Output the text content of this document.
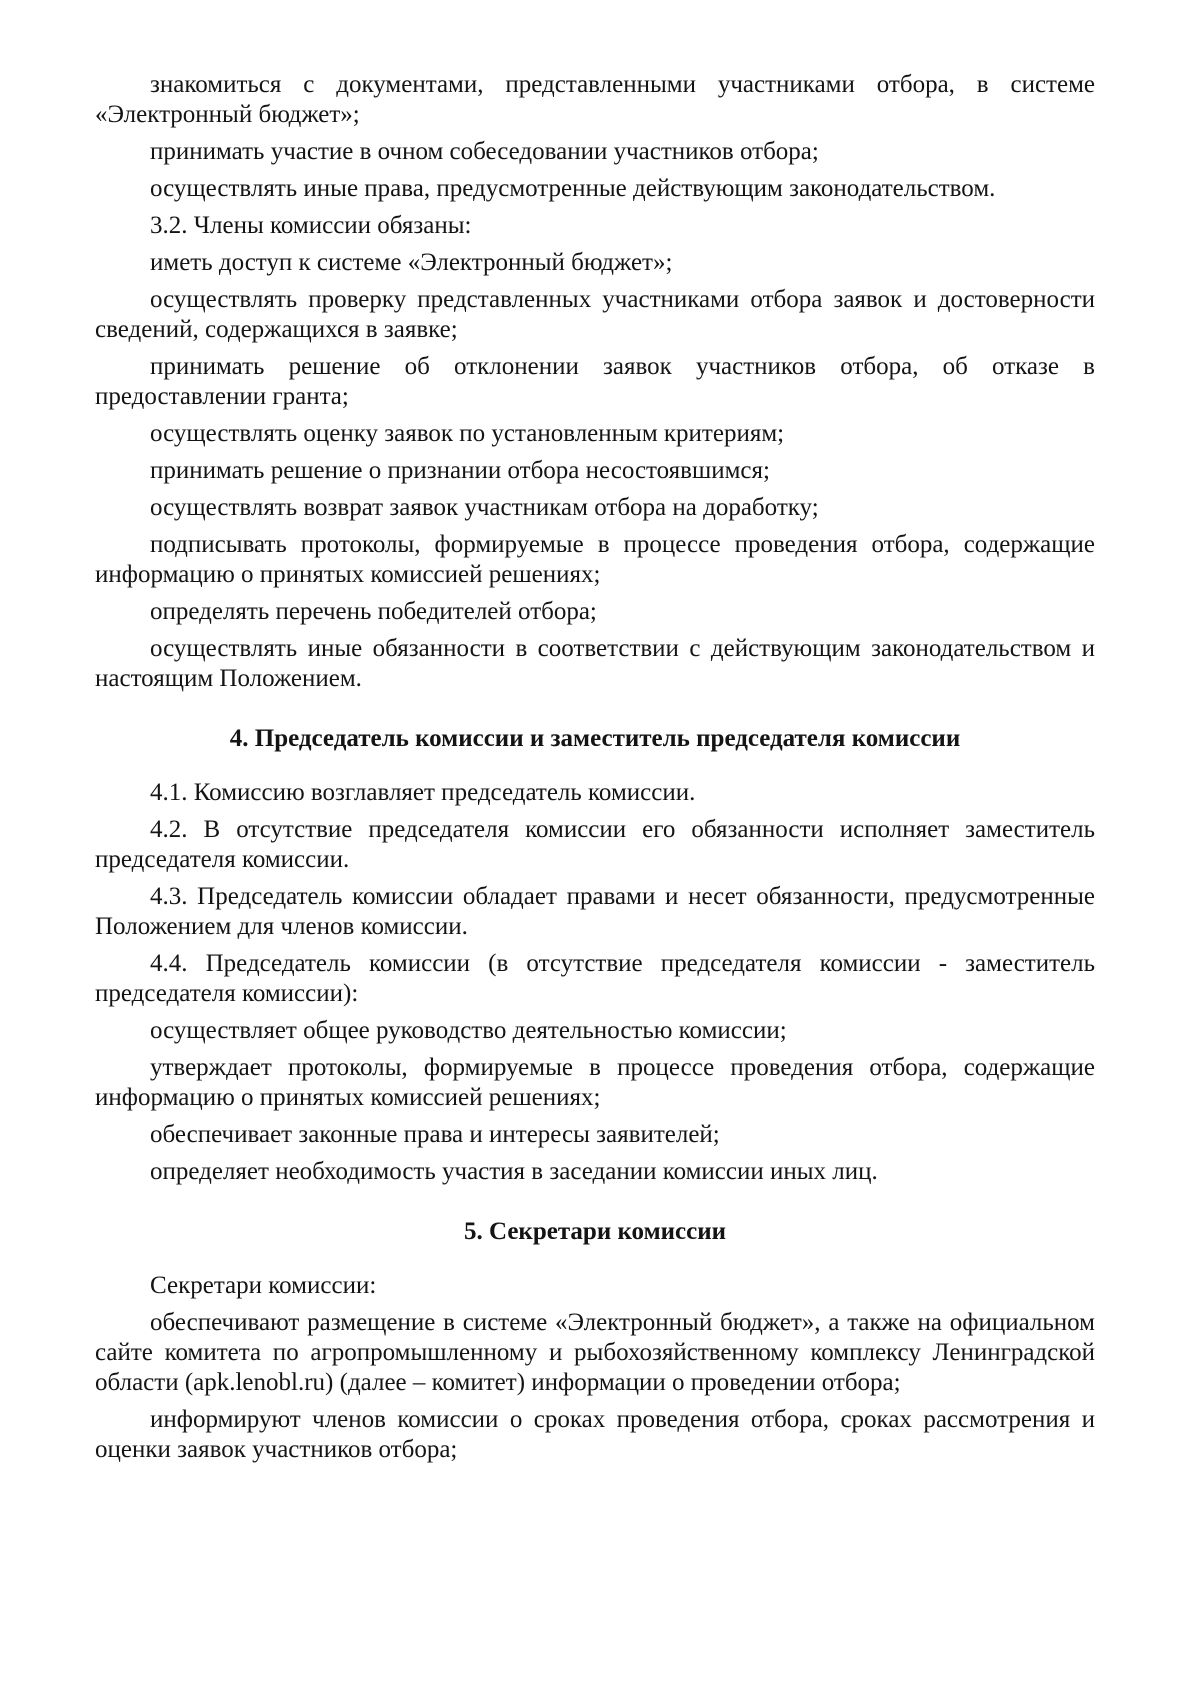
знакомиться с документами, представленными участниками отбора, в системе «Электронный бюджет»;

принимать участие в очном собеседовании участников отбора;

осуществлять иные права, предусмотренные действующим законодательством.

3.2. Члены комиссии обязаны:

иметь доступ к системе «Электронный бюджет»;

осуществлять проверку представленных участниками отбора заявок и достоверности сведений, содержащихся в заявке;

принимать решение об отклонении заявок участников отбора, об отказе в предоставлении гранта;

осуществлять оценку заявок по установленным критериям;

принимать решение о признании отбора несостоявшимся;

осуществлять возврат заявок участникам отбора на доработку;

подписывать протоколы, формируемые в процессе проведения отбора, содержащие информацию о принятых комиссией решениях;

определять перечень победителей отбора;

осуществлять иные обязанности в соответствии с действующим законодательством и настоящим Положением.

4. Председатель комиссии и заместитель председателя комиссии

4.1. Комиссию возглавляет председатель комиссии.

4.2. В отсутствие председателя комиссии его обязанности исполняет заместитель председателя комиссии.

4.3. Председатель комиссии обладает правами и несет обязанности, предусмотренные Положением для членов комиссии.

4.4. Председатель комиссии (в отсутствие председателя комиссии - заместитель председателя комиссии):

осуществляет общее руководство деятельностью комиссии;

утверждает протоколы, формируемые в процессе проведения отбора, содержащие информацию о принятых комиссией решениях;

обеспечивает законные права и интересы заявителей;

определяет необходимость участия в заседании комиссии иных лиц.

5. Секретари комиссии

Секретари комиссии:

обеспечивают размещение в системе «Электронный бюджет», а также на официальном сайте комитета по агропромышленному и рыбохозяйственному комплексу Ленинградской области (apk.lenobl.ru) (далее – комитет) информации о проведении отбора;

информируют членов комиссии о сроках проведения отбора, сроках рассмотрения и оценки заявок участников отбора;
